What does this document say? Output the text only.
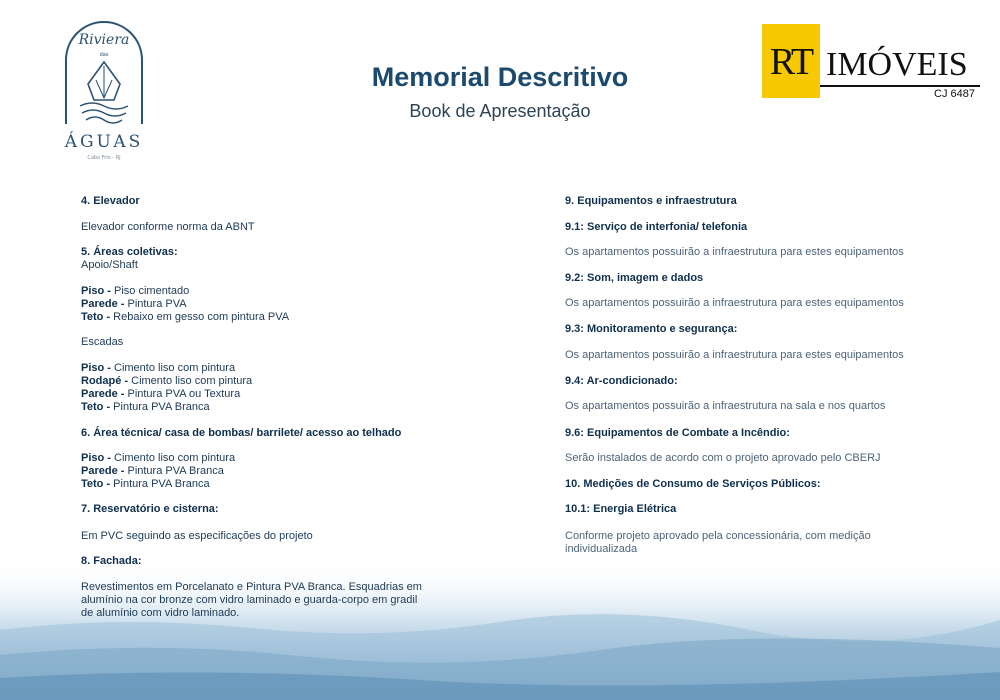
Riviera
das
ÁGUAS
Cabo Frio - RJ
RT IMÓVEIS
CJ 6487
Memorial Descritivo
Book de Apresentação

4. Elevador

Elevador conforme norma da ABNT

5. Áreas coletivas:

Apoio/Shaft

Piso - Piso cimentado

Parede - Pintura PVA

Teto - Rebaixo em gesso com pintura PVA

Escadas

Piso - Cimento liso com pintura

Rodapé - Cimento liso com pintura

Parede - Pintura PVA ou Textura

Teto - Pintura PVA Branca

6. Área técnica/ casa de bombas/ barrilete/ acesso ao telhado

Piso - Cimento liso com pintura

Parede - Pintura PVA Branca

Teto - Pintura PVA Branca

7. Reservatório e cisterna:

Em PVC seguindo as especificações do projeto

8. Fachada:

Revestimentos em Porcelanato e Pintura PVA Branca. Esquadrias em

alumínio na cor bronze com vidro laminado e guarda-corpo em gradil

de alumínio com vidro laminado.

9. Equipamentos e infraestrutura

9.1: Serviço de interfonia/ telefonia

Os apartamentos possuirão a infraestrutura para estes equipamentos

9.2: Som, imagem e dados

Os apartamentos possuirão a infraestrutura para estes equipamentos

9.3: Monitoramento e segurança:

Os apartamentos possuirão a infraestrutura para estes equipamentos

9.4: Ar-condicionado:

Os apartamentos possuirão a infraestrutura na sala e nos quartos

9.6: Equipamentos de Combate a Incêndio:

Serão instalados de acordo com o projeto aprovado pelo CBERJ

10. Medições de Consumo de Serviços Públicos:

10.1: Energia Elétrica

Conforme projeto aprovado pela concessionária, com medição

individualizada
